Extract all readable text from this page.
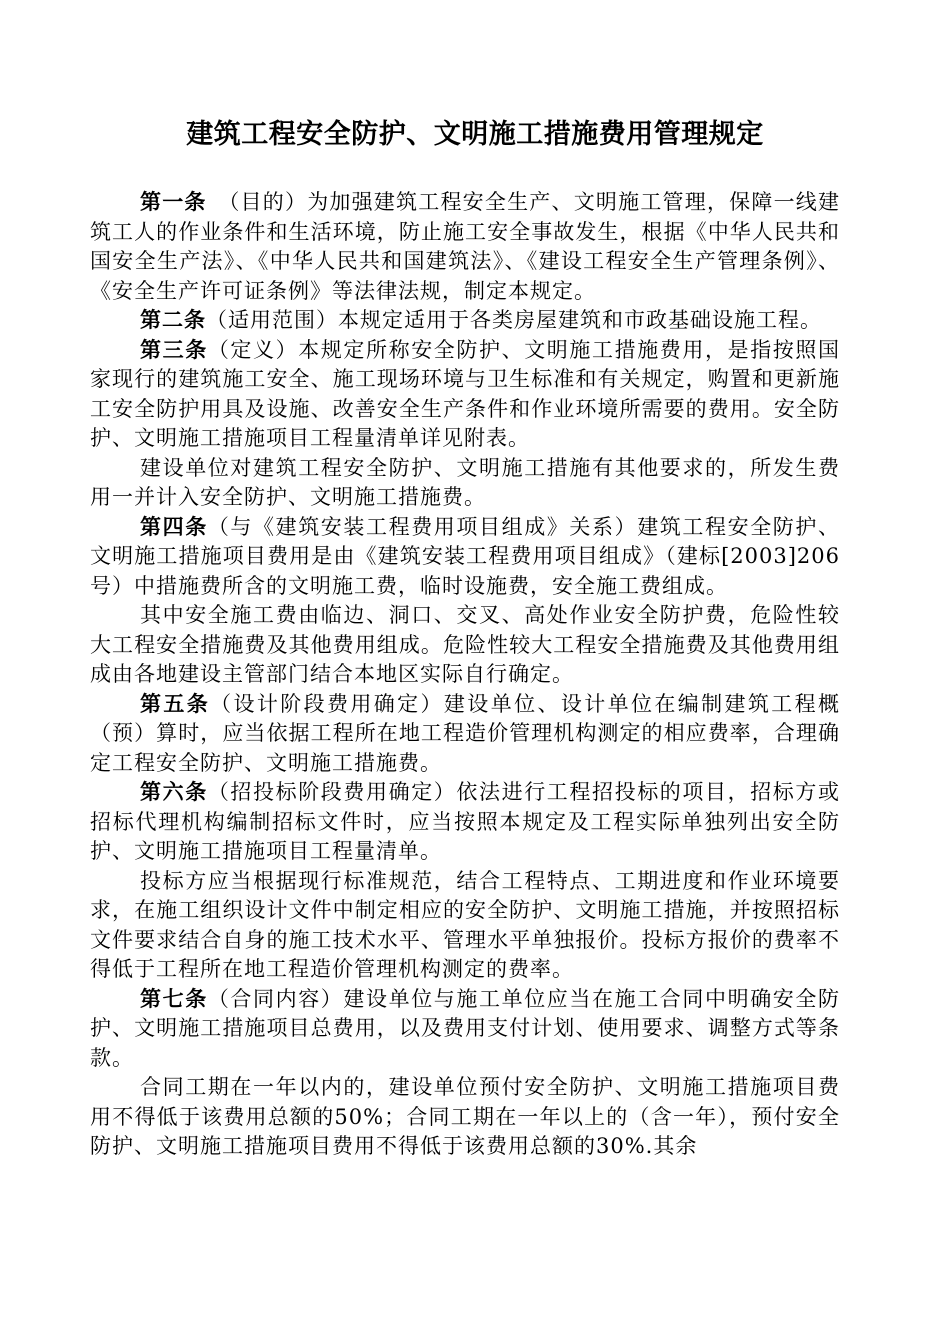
建筑工程安全防护、文明施工措施费用管理规定

第一条　（目的）为加强建筑工程安全生产、文明施工管理，保障一线建筑工人的作业条件和生活环境，防止施工安全事故发生，根据《中华人民共和国安全生产法》、《中华人民共和国建筑法》、《建设工程安全生产管理条例》、《安全生产许可证条例》等法律法规，制定本规定。

第二条（适用范围）本规定适用于各类房屋建筑和市政基础设施工程。

第三条（定义）本规定所称安全防护、文明施工措施费用，是指按照国家现行的建筑施工安全、施工现场环境与卫生标准和有关规定，购置和更新施工安全防护用具及设施、改善安全生产条件和作业环境所需要的费用。安全防护、文明施工措施项目工程量清单详见附表。

建设单位对建筑工程安全防护、文明施工措施有其他要求的，所发生费用一并计入安全防护、文明施工措施费。

第四条（与《建筑安装工程费用项目组成》关系）建筑工程安全防护、文明施工措施项目费用是由《建筑安装工程费用项目组成》（建标[2003]206号）中措施费所含的文明施工费，临时设施费，安全施工费组成。

其中安全施工费由临边、洞口、交叉、高处作业安全防护费，危险性较大工程安全措施费及其他费用组成。危险性较大工程安全措施费及其他费用组成由各地建设主管部门结合本地区实际自行确定。

第五条（设计阶段费用确定）建设单位、设计单位在编制建筑工程概（预）算时，应当依据工程所在地工程造价管理机构测定的相应费率，合理确定工程安全防护、文明施工措施费。

第六条（招投标阶段费用确定）依法进行工程招投标的项目，招标方或招标代理机构编制招标文件时，应当按照本规定及工程实际单独列出安全防护、文明施工措施项目工程量清单。

投标方应当根据现行标准规范，结合工程特点、工期进度和作业环境要求，在施工组织设计文件中制定相应的安全防护、文明施工措施，并按照招标文件要求结合自身的施工技术水平、管理水平单独报价。投标方报价的费率不得低于工程所在地工程造价管理机构测定的费率。

第七条（合同内容）建设单位与施工单位应当在施工合同中明确安全防护、文明施工措施项目总费用，以及费用支付计划、使用要求、调整方式等条款。

合同工期在一年以内的，建设单位预付安全防护、文明施工措施项目费用不得低于该费用总额的50%；合同工期在一年以上的（含一年），预付安全防护、文明施工措施项目费用不得低于该费用总额的30%.其余
